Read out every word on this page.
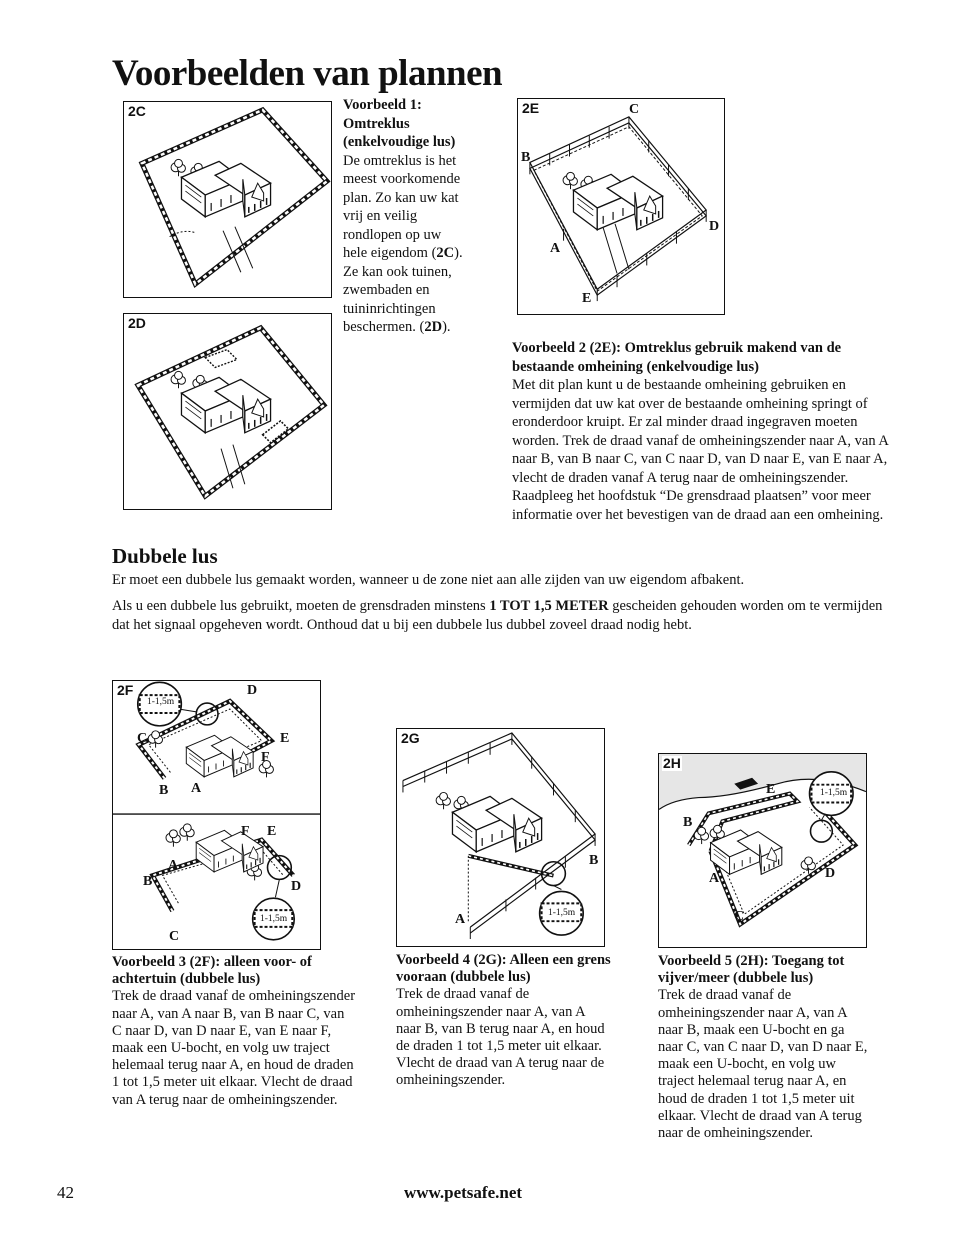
Voorbeelden van plannen
2C
2D

Voorbeeld 1: Omtreklus (enkelvoudige lus)

De omtreklus is het meest voorkomende plan. Zo kan uw kat vrij en veilig rondlopen op uw hele eigendom (2C). Ze kan ook tuinen, zwembaden en tuininrichtingen beschermen. (2D).

2E	C
B
D
A
E

Voorbeeld 2 (2E): Omtreklus gebruik makend van de bestaande omheining (enkelvoudige lus)

Met dit plan kunt u de bestaande omheining gebruiken en vermijden dat uw kat over de bestaande omheining springt of eronderdoor kruipt. Er zal minder draad ingegraven moeten worden. Trek de draad vanaf de omheiningszender naar A, van A naar B, van B naar C, van C naar D, van D naar E, van E naar A, vlecht de draden vanaf A terug naar de omheiningszender. Raadpleeg het hoofdstuk “De grensdraad plaatsen” voor meer informatie over het bevestigen van de draad aan een omheining.

Dubbele lus

Er moet een dubbele lus gemaakt worden, wanneer u de zone niet aan alle zijden van uw eigendom afbakent.

Als u een dubbele lus gebruikt, moeten de grensdraden minstens 1 TOT 1,5 METER gescheiden gehouden worden om te vermijden dat het signaal opgeheven wordt. Onthoud dat u bij een dubbele lus dubbel zoveel draad nodig hebt.

2F
1-1,5m
1-1,5m
D
C	E
F
B A
F E
A
B	D
C
2G
1-1,5m
B
A
2H
1-1,5m
E
B
A	D
C

Voorbeeld 3 (2F): alleen voor- of achtertuin (dubbele lus)

Trek de draad vanaf de omheiningszender naar A, van A naar B, van B naar C, van C naar D, van D naar E, van E naar F, maak een U-bocht, en volg uw traject helemaal terug naar A, en houd de draden 1 tot 1,5 meter uit elkaar. Vlecht de draad van A terug naar de omheiningszender.

Voorbeeld 4 (2G): Alleen een grens vooraan (dubbele lus)

Trek de draad vanaf de omheiningszender naar A, van A naar B, van B terug naar A, en houd de draden 1 tot 1,5 meter uit elkaar. Vlecht de draad van A terug naar de omheiningszender.

Voorbeeld 5 (2H): Toegang tot vijver/meer (dubbele lus)

Trek de draad vanaf de omheiningszender naar A, van A naar B, maak een U-bocht en ga naar C, van C naar D, van D naar E, maak een U-bocht, en volg uw traject helemaal terug naar A, en houd de draden 1 tot 1,5 meter uit elkaar. Vlecht de draad van A terug naar de omheiningszender.

42	www.petsafe.net
